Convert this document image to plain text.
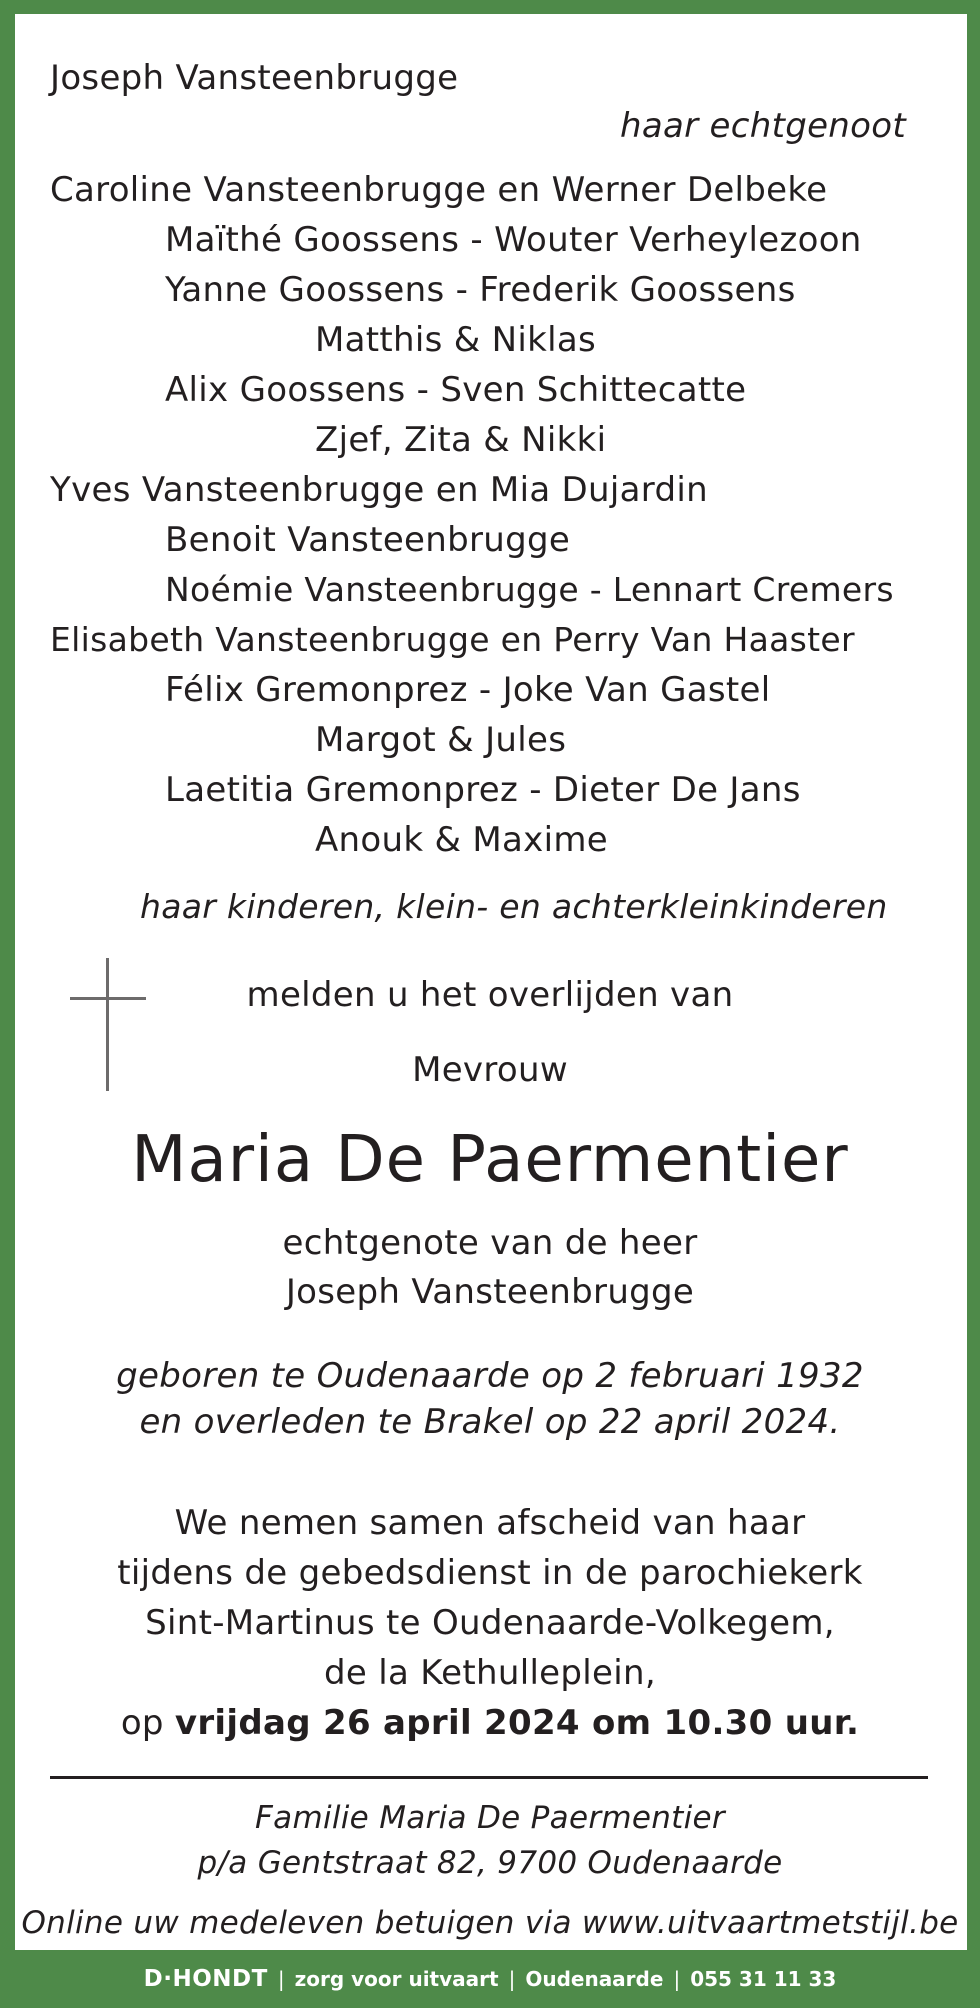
Joseph Vansteenbrugge
haar echtgenoot
Caroline Vansteenbrugge en Werner Delbeke
Maïthé Goossens - Wouter Verheylezoon
Yanne Goossens - Frederik Goossens
Matthis & Niklas
Alix Goossens - Sven Schittecatte
Zjef, Zita & Nikki
Yves Vansteenbrugge en Mia Dujardin
Benoit Vansteenbrugge
Noémie Vansteenbrugge - Lennart Cremers
Elisabeth Vansteenbrugge en Perry Van Haaster
Félix Gremonprez - Joke Van Gastel
Margot & Jules
Laetitia Gremonprez - Dieter De Jans
Anouk & Maxime
haar kinderen, klein- en achterkleinkinderen
melden u het overlijden van
Mevrouw
Maria De Paermentier
echtgenote van de heer
Joseph Vansteenbrugge
geboren te Oudenaarde op 2 februari 1932
en overleden te Brakel op 22 april 2024.
We nemen samen afscheid van haar
tijdens de gebedsdienst in de parochiekerk
Sint-Martinus te Oudenaarde-Volkegem,
de la Kethulleplein,
op vrijdag 26 april 2024 om 10.30 uur.
Familie Maria De Paermentier
p/a Gentstraat 82, 9700 Oudenaarde
Online uw medeleven betuigen via www.uitvaartmetstijl.be
D·HONDT | zorg voor uitvaart | Oudenaarde | 055 31 11 33
